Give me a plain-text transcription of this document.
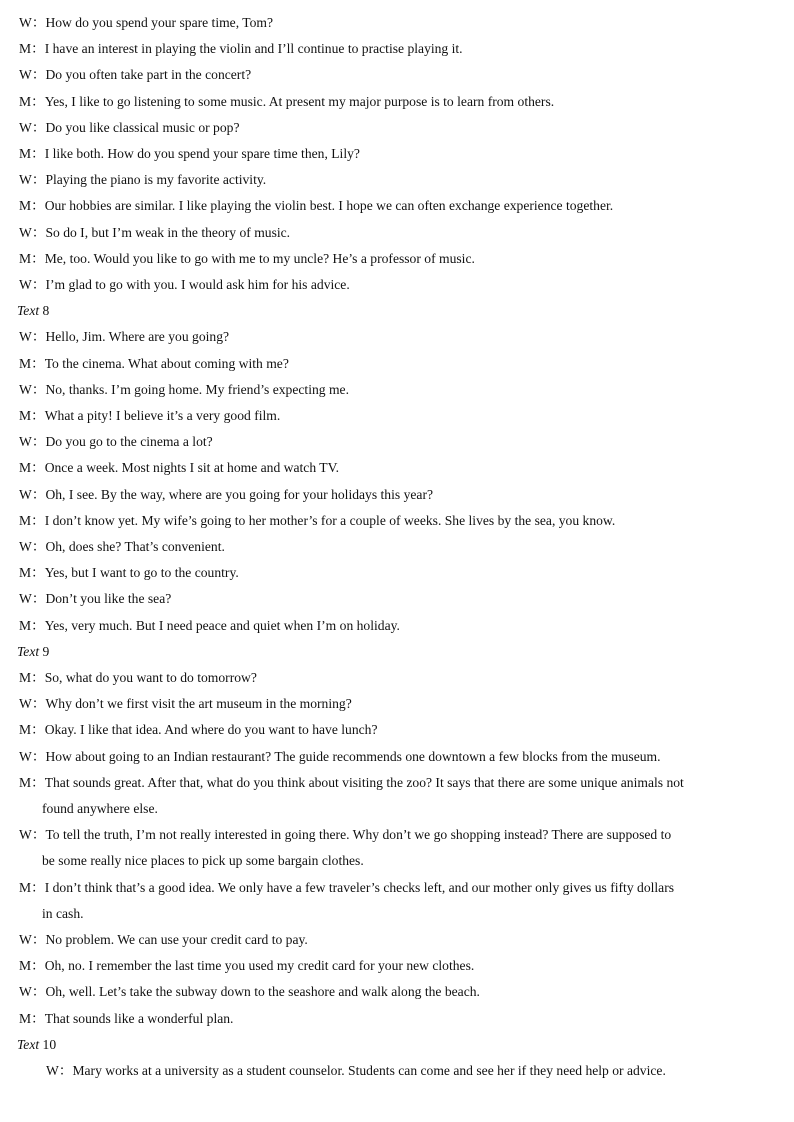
W：How do you spend your spare time, Tom?
M：I have an interest in playing the violin and I’ll continue to practise playing it.
W：Do you often take part in the concert?
M：Yes, I like to go listening to some music. At present my major purpose is to learn from others.
W：Do you like classical music or pop?
M：I like both. How do you spend your spare time then, Lily?
W：Playing the piano is my favorite activity.
M：Our hobbies are similar. I like playing the violin best. I hope we can often exchange experience together.
W：So do I, but I’m weak in the theory of music.
M：Me, too. Would you like to go with me to my uncle? He’s a professor of music.
W：I’m glad to go with you. I would ask him for his advice.
Text 8
W：Hello, Jim. Where are you going?
M：To the cinema. What about coming with me?
W：No, thanks. I’m going home. My friend’s expecting me.
M：What a pity! I believe it’s a very good film.
W：Do you go to the cinema a lot?
M：Once a week. Most nights I sit at home and watch TV.
W：Oh, I see. By the way, where are you going for your holidays this year?
M：I don’t know yet. My wife’s going to her mother’s for a couple of weeks. She lives by the sea, you know.
W：Oh, does she? That’s convenient.
M：Yes, but I want to go to the country.
W：Don’t you like the sea?
M：Yes, very much. But I need peace and quiet when I’m on holiday.
Text 9
M：So, what do you want to do tomorrow?
W：Why don’t we first visit the art museum in the morning?
M：Okay. I like that idea. And where do you want to have lunch?
W：How about going to an Indian restaurant? The guide recommends one downtown a few blocks from the museum.
M：That sounds great. After that, what do you think about visiting the zoo? It says that there are some unique animals not
found anywhere else.
W：To tell the truth, I’m not really interested in going there. Why don’t we go shopping instead? There are supposed to
be some really nice places to pick up some bargain clothes.
M：I don’t think that’s a good idea. We only have a few traveler’s checks left, and our mother only gives us fifty dollars
in cash.
W：No problem. We can use your credit card to pay.
M：Oh, no. I remember the last time you used my credit card for your new clothes.
W：Oh, well. Let’s take the subway down to the seashore and walk along the beach.
M：That sounds like a wonderful plan.
Text 10
W：Mary works at a university as a student counselor. Students can come and see her if they need help or advice.
